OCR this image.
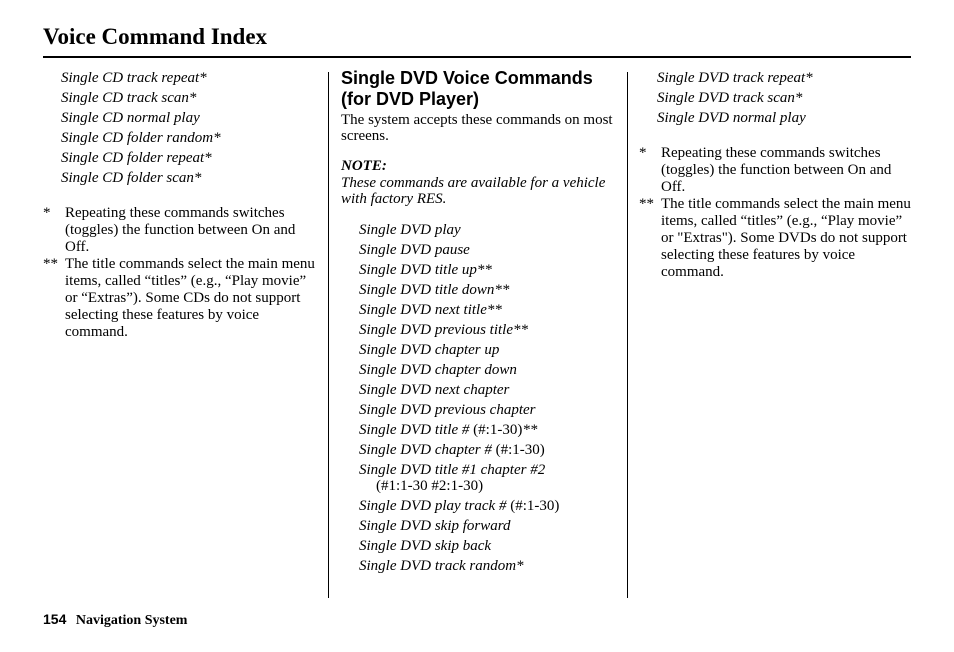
Voice Command Index
Single CD track repeat*
Single CD track scan*
Single CD normal play
Single CD folder random*
Single CD folder repeat*
Single CD folder scan*
* Repeating these commands switches (toggles) the function between On and Off.
** The title commands select the main menu items, called “titles” (e.g., “Play movie” or “Extras”). Some CDs do not support selecting these features by voice command.
Single DVD Voice Commands (for DVD Player)
The system accepts these commands on most screens.
NOTE:
These commands are available for a vehicle with factory RES.
Single DVD play
Single DVD pause
Single DVD title up**
Single DVD title down**
Single DVD next title**
Single DVD previous title**
Single DVD chapter up
Single DVD chapter down
Single DVD next chapter
Single DVD previous chapter
Single DVD title # (#:1-30)**
Single DVD chapter # (#:1-30)
Single DVD title #1 chapter #2
(#1:1-30 #2:1-30)
Single DVD play track # (#:1-30)
Single DVD skip forward
Single DVD skip back
Single DVD track random*
Single DVD track repeat*
Single DVD track scan*
Single DVD normal play
* Repeating these commands switches (toggles) the function between On and Off.
** The title commands select the main menu items, called “titles” (e.g., “Play movie” or "Extras"). Some DVDs do not support selecting these features by voice command.
154 Navigation System
